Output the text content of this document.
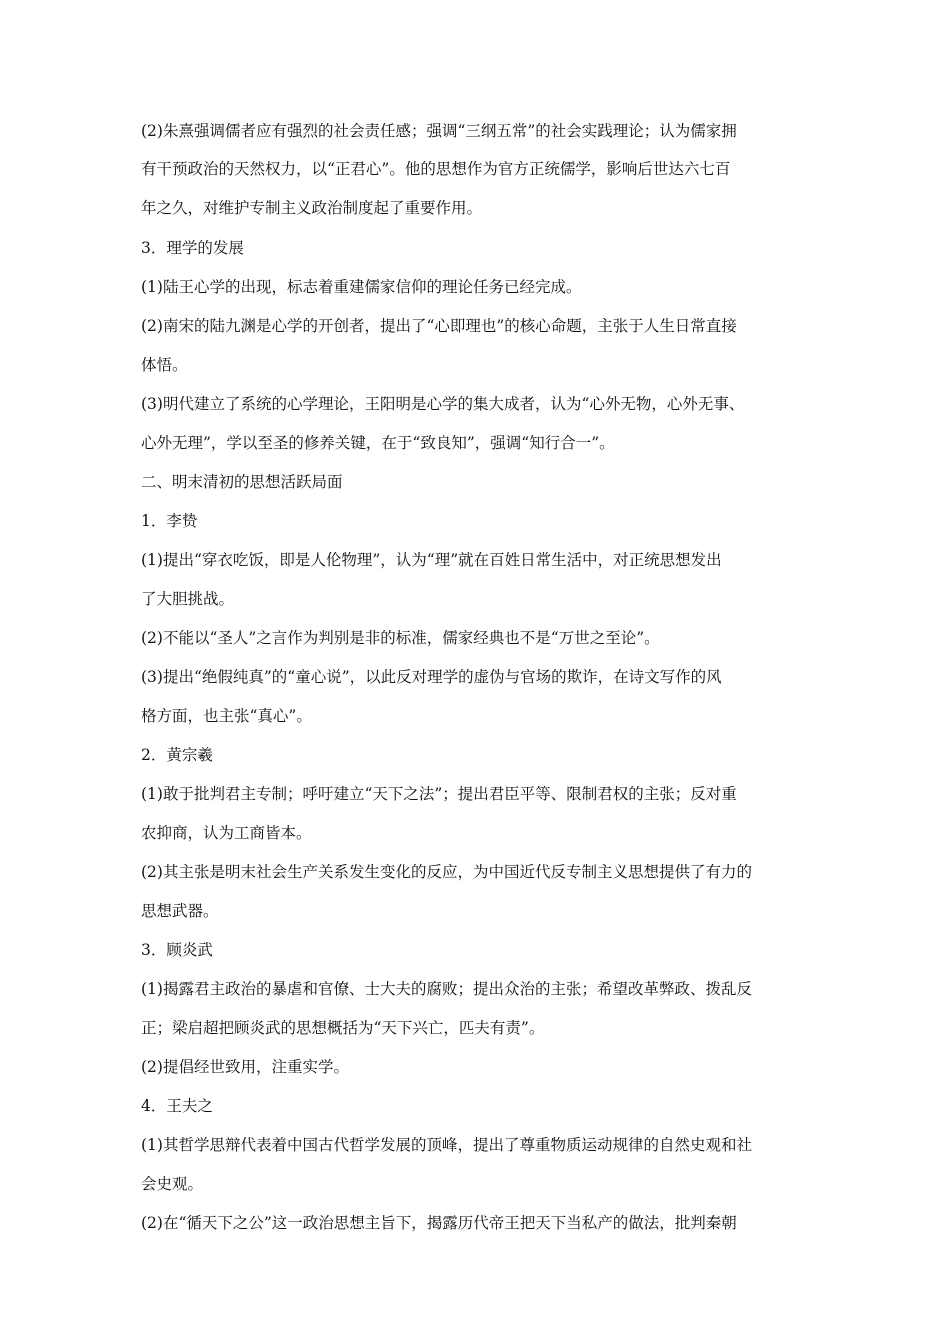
(2)朱熹强调儒者应有强烈的社会责任感；强调“三纲五常”的社会实践理论；认为儒家拥
有干预政治的天然权力，以“正君心”。他的思想作为官方正统儒学，影响后世达六七百
年之久，对维护专制主义政治制度起了重要作用。
3．理学的发展
(1)陆王心学的出现，标志着重建儒家信仰的理论任务已经完成。
(2)南宋的陆九渊是心学的开创者，提出了“心即理也”的核心命题，主张于人生日常直接
体悟。
(3)明代建立了系统的心学理论，王阳明是心学的集大成者，认为“心外无物，心外无事、
心外无理”，学以至圣的修养关键，在于“致良知”，强调“知行合一”。
二、明末清初的思想活跃局面
1．李贽
(1)提出“穿衣吃饭，即是人伦物理”，认为“理”就在百姓日常生活中，对正统思想发出
了大胆挑战。
(2)不能以“圣人”之言作为判别是非的标准，儒家经典也不是“万世之至论”。
(3)提出“绝假纯真”的“童心说”，以此反对理学的虚伪与官场的欺诈，在诗文写作的风
格方面，也主张“真心”。
2．黄宗羲
(1)敢于批判君主专制；呼吁建立“天下之法”；提出君臣平等、限制君权的主张；反对重
农抑商，认为工商皆本。
(2)其主张是明末社会生产关系发生变化的反应，为中国近代反专制主义思想提供了有力的
思想武器。
3．顾炎武
(1)揭露君主政治的暴虐和官僚、士大夫的腐败；提出众治的主张；希望改革弊政、拨乱反
正；梁启超把顾炎武的思想概括为“天下兴亡，匹夫有责”。
(2)提倡经世致用，注重实学。
4．王夫之
(1)其哲学思辩代表着中国古代哲学发展的顶峰，提出了尊重物质运动规律的自然史观和社
会史观。
(2)在“循天下之公”这一政治思想主旨下，揭露历代帝王把天下当私产的做法，批判秦朝
